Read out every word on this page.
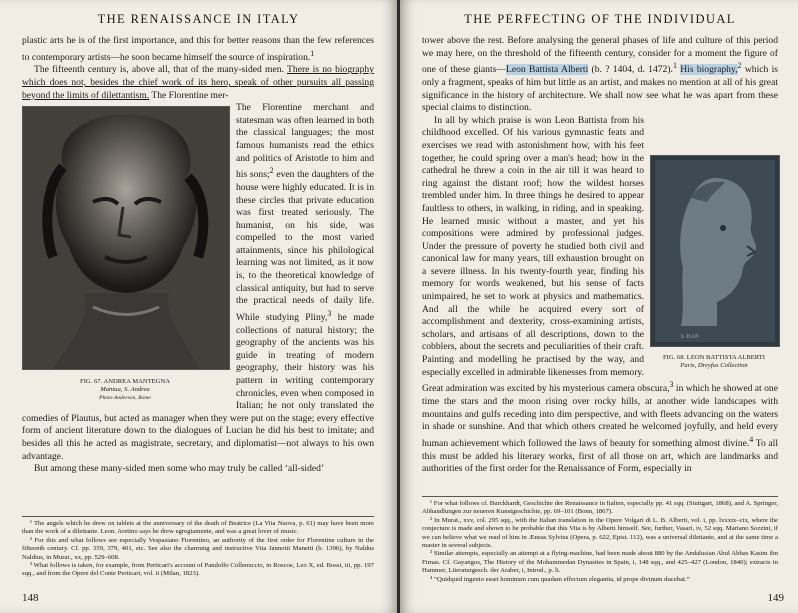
THE RENAISSANCE IN ITALY

plastic arts he is of the first importance, and this for better reasons than the few references to contemporary artists—he soon became himself the source of inspiration.$^1$

The fifteenth century is, above all, that of the many-sided men. There is no biography which does not, besides the chief work of its hero, speak of other pursuits all passing beyond the limits of dilettantism. The Florentine mer-

FIG. 67. ANDREA MANTEGNA
Mantua, S. Andrea
Photo Anderson, Rome

The Florentine merchant and statesman was often learned in both the classical languages; the most famous humanists read the ethics and politics of Aristotle to him and his sons;$^2$ even the daughters of the house were highly educated. It is in these circles that private education was first treated seriously. The humanist, on his side, was compelled to the most varied attainments, since his philological learning was not limited, as it now is, to the theoretical knowledge of classical antiquity, but had to serve the practical needs of daily life. While studying Pliny,$^3$ he made collections of natural history; the geography of the ancients was his guide in treating of modern geography, their history was his pattern in writing contemporary chronicles, even when composed in Italian; he not only translated the comedies of Plautus, but acted as manager when they were put on the stage; every effective form of ancient literature down to the dialogues of Lucian he did his best to imitate; and besides all this he acted as magistrate, secretary, and diplomatist—not always to his own advantage.

But among these many-sided men some who may truly be called ‘all-sided’

¹ The angels which he drew on tablets at the anniversary of the death of Beatrice (La Vita Nuova, p. 61) may have been more than the work of a dilettante. Leon. Aretino says he drew egregiamente, and was a great lover of music.

² For this and what follows see especially Vespasiano Fiorentino, an authority of the first order for Florentine culture in the fifteenth century. Cf. pp. 359, 379, 401, etc. See also the charming and instructive Vita Jannotii Manetti (b. 1396), by Naldus Naldius, in Murat., xx, pp. 529–608.

³ What follows is taken, for example, from Perticari's account of Pandolfo Collenuccio, in Roscoe, Leo X, ed. Bossi, iii, pp. 197 sqq., and from the Opere del Conte Perticari, vol. ii (Milan, 1823).

148
THE PERFECTING OF THE INDIVIDUAL

tower above the rest. Before analysing the general phases of life and culture of this period we may here, on the threshold of the fifteenth century, consider for a moment the figure of one of these giants—Leon Battista Alberti (b. ? 1404, d. 1472).$^1$ His biography,$^2$ which is only a fragment, speaks of him but little as an artist, and makes no mention at all of his great significance in the history of architecture. We shall now see what he was apart from these special claims to distinction.

L·BAP·
FIG. 68. LEON BATTISTA ALBERTI
Paris, Dreyfus Collection

In all by which praise is won Leon Battista from his childhood excelled. Of his various gymnastic feats and exercises we read with astonishment how, with his feet together, he could spring over a man's head; how in the cathedral he threw a coin in the air till it was heard to ring against the distant roof; how the wildest horses trembled under him. In three things he desired to appear faultless to others, in walking, in riding, and in speaking. He learned music without a master, and yet his compositions were admired by professional judges. Under the pressure of poverty he studied both civil and canonical law for many years, till exhaustion brought on a severe illness. In his twenty-fourth year, finding his memory for words weakened, but his sense of facts unimpaired, he set to work at physics and mathematics. And all the while he acquired every sort of accomplishment and dexterity, cross-examining artists, scholars, and artisans of all descriptions, down to the cobblers, about the secrets and peculiarities of their craft. Painting and modelling he practised by the way, and especially excelled in admirable likenesses from memory. Great admiration was excited by his mysterious camera obscura,$^3$ in which he showed at one time the stars and the moon rising over rocky hills, at another wide landscapes with mountains and gulfs receding into dim perspective, and with fleets advancing on the waters in shade or sunshine. And that which others created he welcomed joyfully, and held every human achievement which followed the laws of beauty for something almost divine.$^4$ To all this must be added his literary works, first of all those on art, which are landmarks and authorities of the first order for the Renaissance of Form, especially in

¹ For what follows cf. Burckhardt, Geschichte der Renaissance in Italien, especially pp. 41 sqq. (Stuttgart, 1868), and A. Springer, Abhandlungen zur neueren Kunstgeschichte, pp. 69–101 (Bonn, 1867).

² In Murat., xxv, col. 295 sqq., with the Italian translation in the Opere Volgari di L. B. Alberti, vol. i, pp. lxxxix–cix, where the conjecture is made and shown to be probable that this Vita is by Alberti himself. See, further, Vasari, iv, 52 sqq. Mariano Sozzini, if we can believe what we read of him in Æneas Sylvius (Opera, p. 622, Epist. 112), was a universal dilettante, and at the same time a master in several subjects.

³ Similar attempts, especially an attempt at a flying-machine, had been made about 880 by the Andalusian Abul Abbas Kasim ibn Firnas. Cf. Gayangos, The History of the Mohammedan Dynasties in Spain, i, 148 sqq., and 425–427 (London, 1840); extracts in Hammer, Literaturgesch. der Araber, i, Introd., p. li.

⁴ “Quidquid ingenio esset hominum cum quadam effectum elegantia, id prope divinum ducebat.”

149
